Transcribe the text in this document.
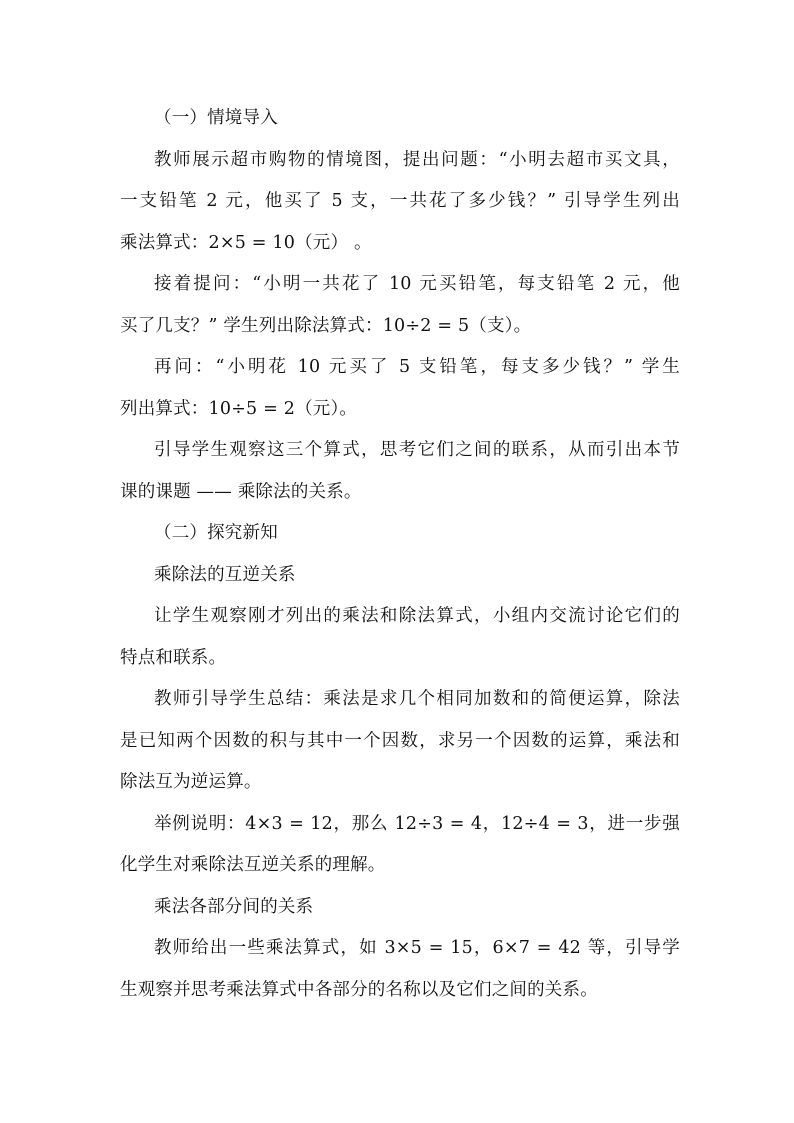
（一）情境导入
教师展示超市购物的情境图，提出问题：“小明去超市买文具，
一支铅笔 2 元，他买了 5 支，一共花了多少钱？” 引导学生列出
乘法算式：2×5 = 10（元） 。
接着提问：“小明一共花了 10 元买铅笔，每支铅笔 2 元，他
买了几支？” 学生列出除法算式：10÷2 = 5（支）。
再问：“小明花 10 元买了 5 支铅笔，每支多少钱？” 学生
列出算式：10÷5 = 2（元）。
引导学生观察这三个算式，思考它们之间的联系，从而引出本节
课的课题 —— 乘除法的关系。
（二）探究新知
乘除法的互逆关系
让学生观察刚才列出的乘法和除法算式，小组内交流讨论它们的
特点和联系。
教师引导学生总结：乘法是求几个相同加数和的简便运算，除法
是已知两个因数的积与其中一个因数，求另一个因数的运算，乘法和
除法互为逆运算。
举例说明：4×3 = 12，那么 12÷3 = 4，12÷4 = 3，进一步强
化学生对乘除法互逆关系的理解。
乘法各部分间的关系
教师给出一些乘法算式，如 3×5 = 15，6×7 = 42 等，引导学
生观察并思考乘法算式中各部分的名称以及它们之间的关系。
